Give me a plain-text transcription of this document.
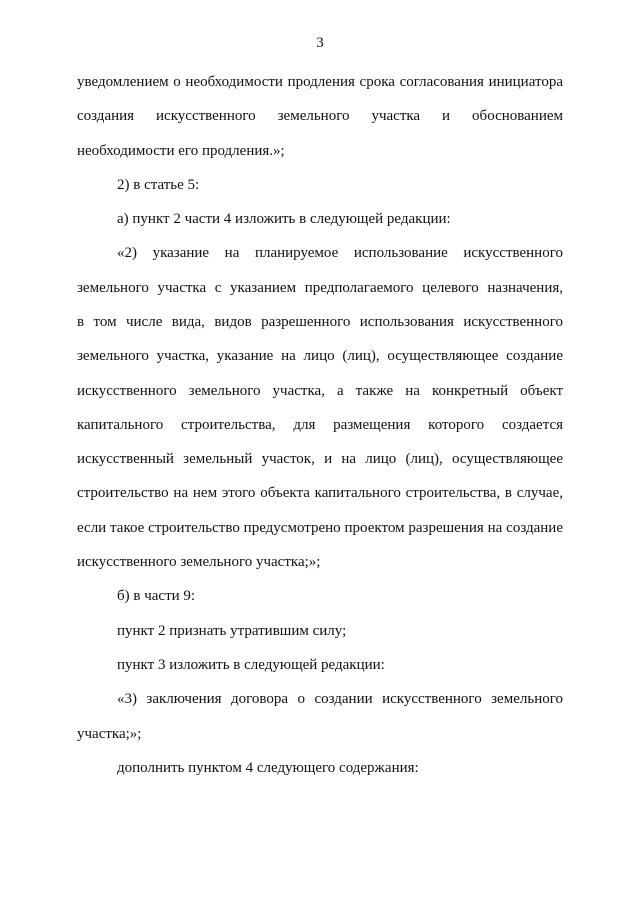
3
уведомлением о необходимости продления срока согласования инициатора
создания искусственного земельного участка и обоснованием
необходимости его продления.»;
2) в статье 5:
а) пункт 2 части 4 изложить в следующей редакции:
«2) указание на планируемое использование искусственного
земельного участка с указанием предполагаемого целевого назначения,
в том числе вида, видов разрешенного использования искусственного
земельного участка, указание на лицо (лиц), осуществляющее создание
искусственного земельного участка, а также на конкретный объект
капитального строительства, для размещения которого создается
искусственный земельный участок, и на лицо (лиц), осуществляющее
строительство на нем этого объекта капитального строительства, в случае,
если такое строительство предусмотрено проектом разрешения на создание
искусственного земельного участка;»;
б) в части 9:
пункт 2 признать утратившим силу;
пункт 3 изложить в следующей редакции:
«3) заключения договора о создании искусственного земельного
участка;»;
дополнить пунктом 4 следующего содержания:
